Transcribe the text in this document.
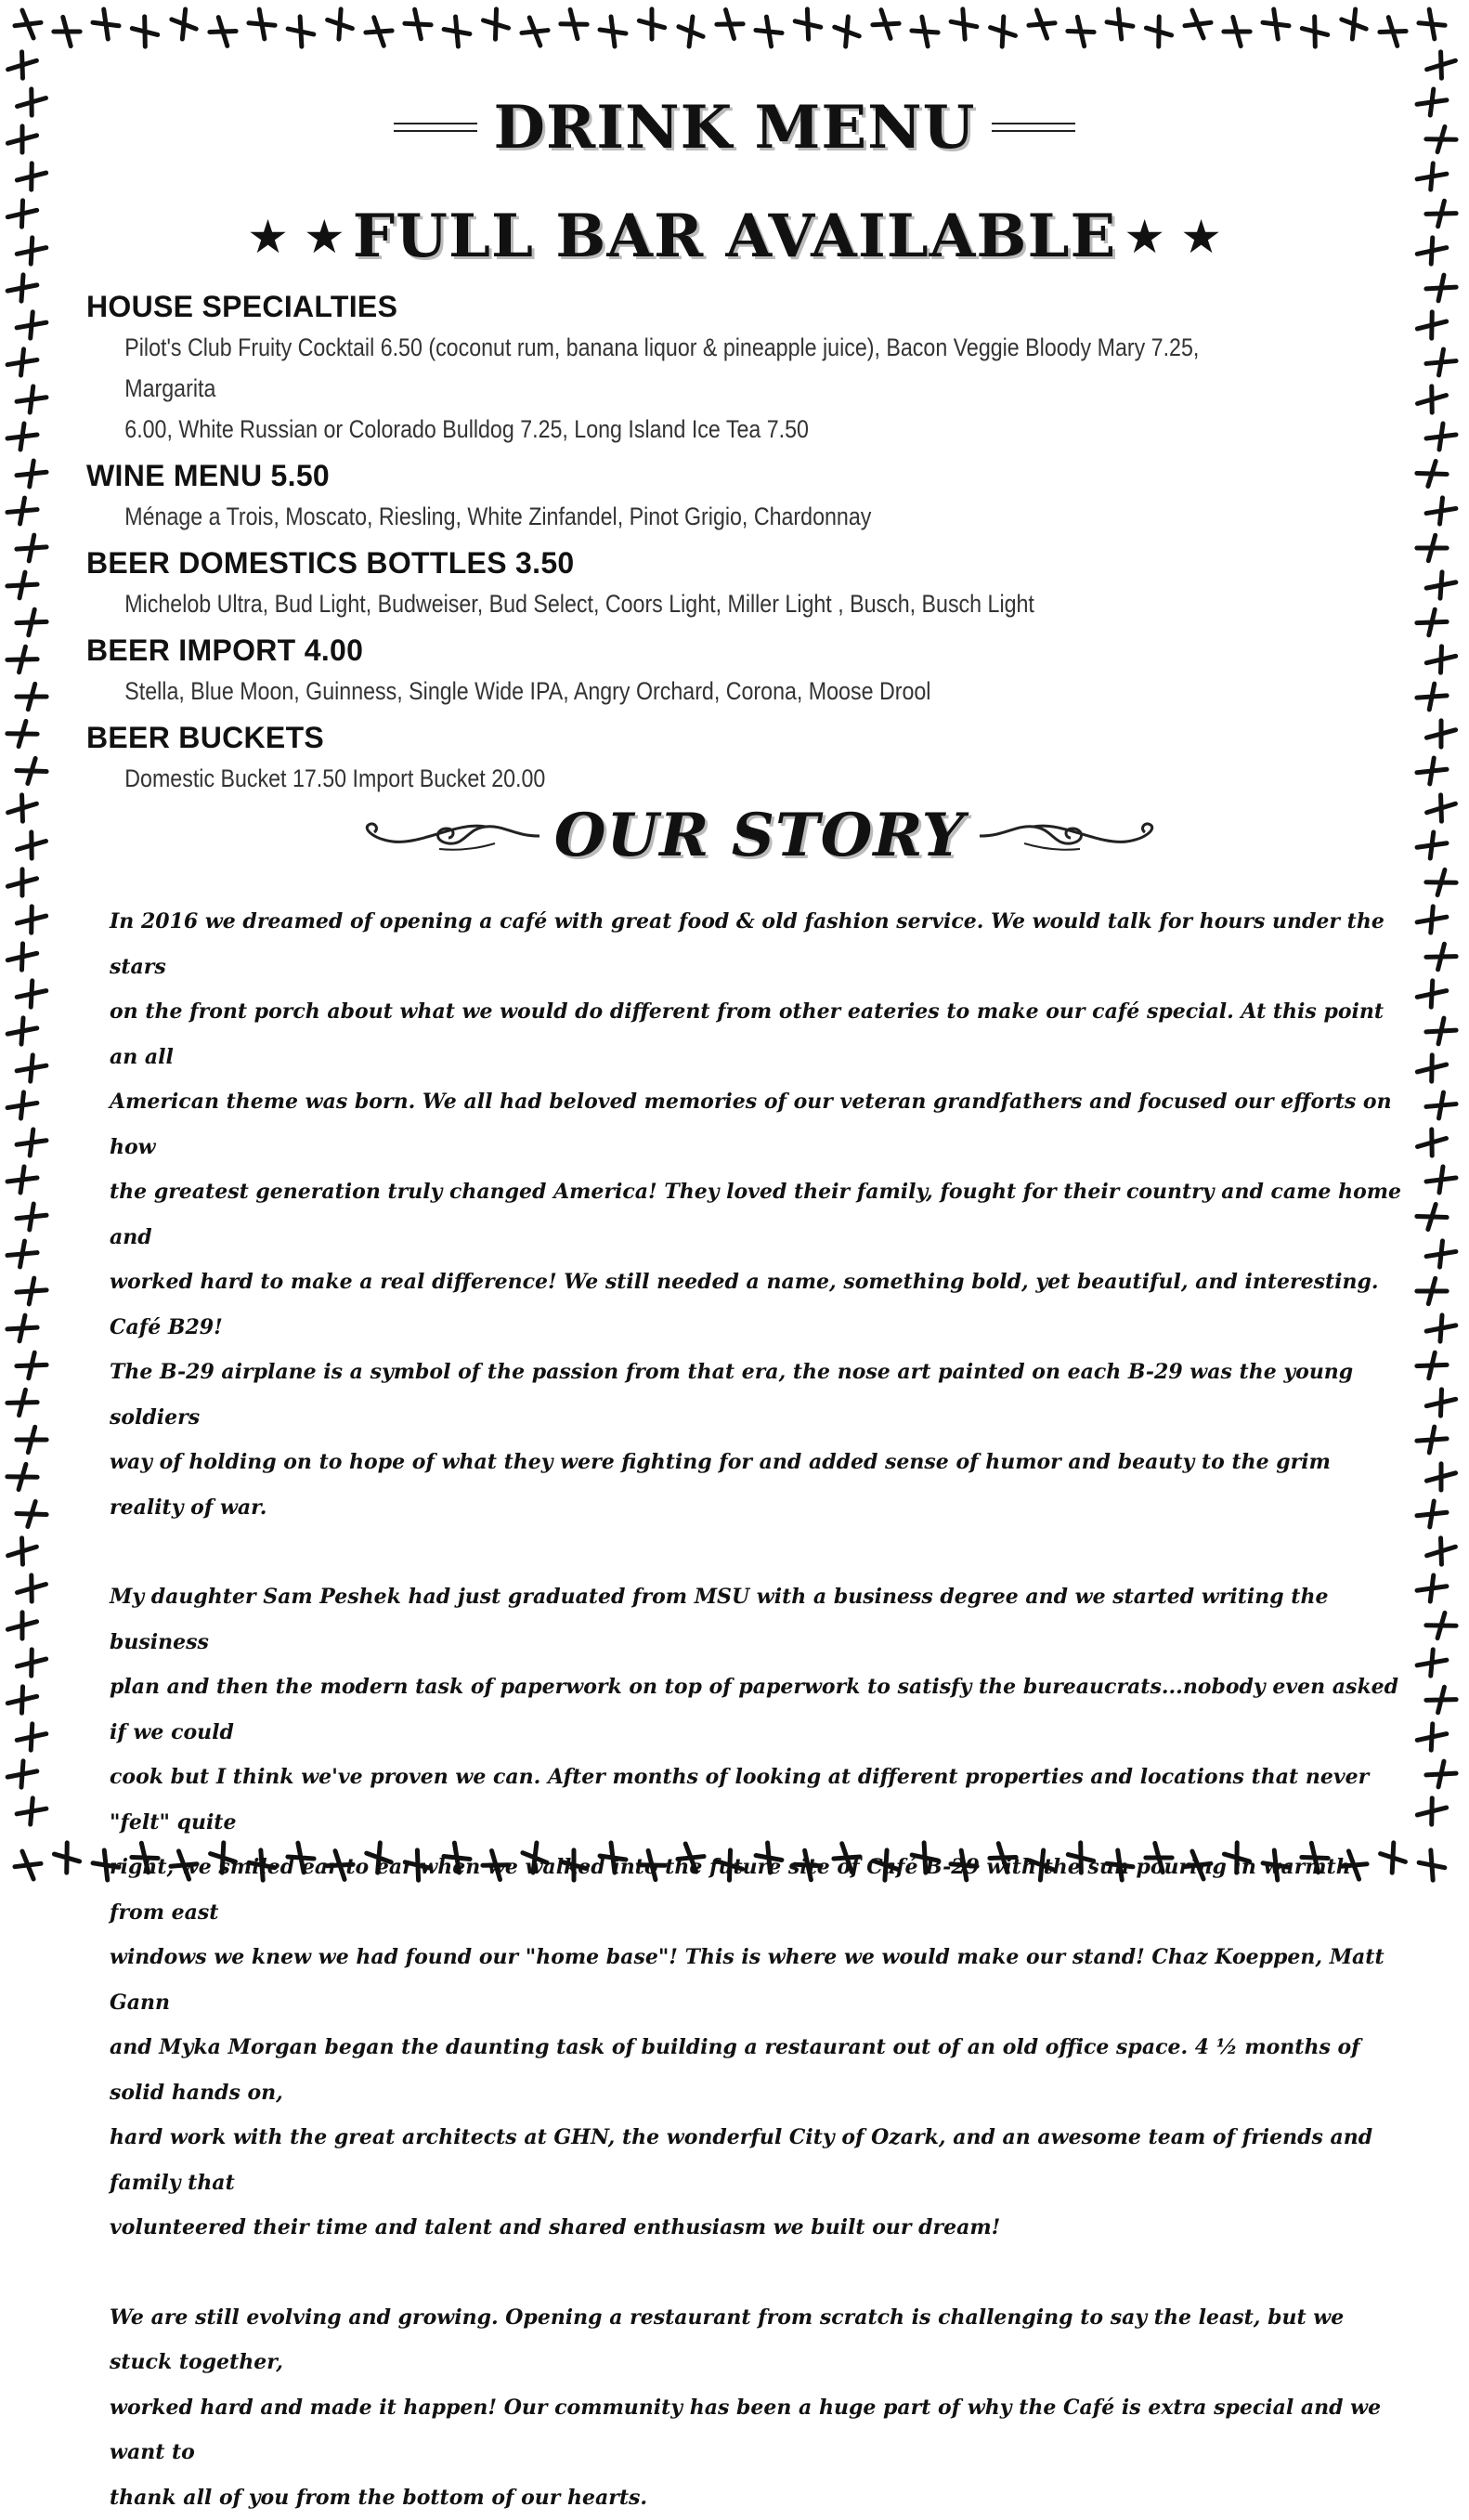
DRINK MENU
★ ★ FULL BAR AVAILABLE ★ ★
HOUSE SPECIALTIES
Pilot's Club Fruity Cocktail 6.50 (coconut rum, banana liquor & pineapple juice), Bacon Veggie Bloody Mary 7.25, Margarita
6.00, White Russian or Colorado Bulldog 7.25, Long Island Ice Tea 7.50
WINE MENU 5.50
Ménage a Trois, Moscato, Riesling, White Zinfandel, Pinot Grigio, Chardonnay
BEER DOMESTICS BOTTLES 3.50
Michelob Ultra, Bud Light, Budweiser, Bud Select, Coors Light, Miller Light , Busch, Busch Light
BEER IMPORT 4.00
Stella, Blue Moon, Guinness, Single Wide IPA, Angry Orchard, Corona, Moose Drool
BEER BUCKETS
Domestic Bucket 17.50 Import Bucket 20.00
OUR STORY
In 2016 we dreamed of opening a café with great food & old fashion service. We would talk for hours under the stars
on the front porch about what we would do different from other eateries to make our café special. At this point an all
American theme was born. We all had beloved memories of our veteran grandfathers and focused our efforts on how
the greatest generation truly changed America! They loved their family, fought for their country and came home and
worked hard to make a real difference! We still needed a name, something bold, yet beautiful, and interesting. Café B29!
The B-29 airplane is a symbol of the passion from that era, the nose art painted on each B-29 was the young soldiers
way of holding on to hope of what they were fighting for and added sense of humor and beauty to the grim reality of war.
My daughter Sam Peshek had just graduated from MSU with a business degree and we started writing the business
plan and then the modern task of paperwork on top of paperwork to satisfy the bureaucrats...nobody even asked if we could
cook but I think we've proven we can. After months of looking at different properties and locations that never "felt" quite
right, we smiled ear to ear when we walked into the future site of Café B-29 with the sun pouring in warmth from east
windows we knew we had found our "home base"! This is where we would make our stand! Chaz Koeppen, Matt Gann
and Myka Morgan began the daunting task of building a restaurant out of an old office space. 4 ½ months of solid hands on,
hard work with the great architects at GHN, the wonderful City of Ozark, and an awesome team of friends and family that
volunteered their time and talent and shared enthusiasm we built our dream!
We are still evolving and growing. Opening a restaurant from scratch is challenging to say the least, but we stuck together,
worked hard and made it happen! Our community has been a huge part of why the Café is extra special and we want to
thank all of you from the bottom of our hearts.
